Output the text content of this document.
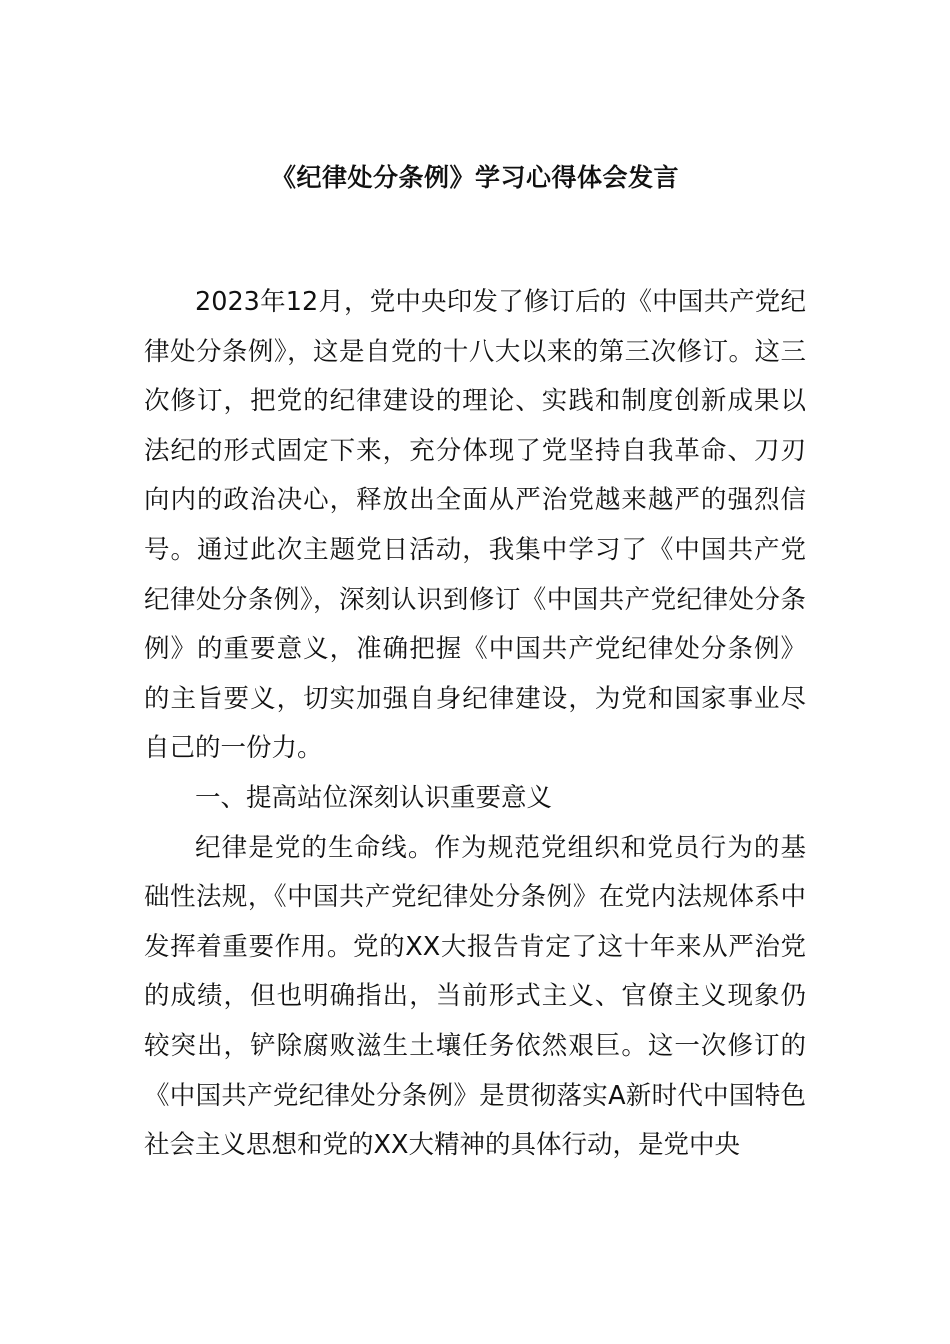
《纪律处分条例》学习心得体会发言

2023年12月，党中央印发了修订后的《中国共产党纪律处分条例》，这是自党的十八大以来的第三次修订。这三次修订，把党的纪律建设的理论、实践和制度创新成果以法纪的形式固定下来，充分体现了党坚持自我革命、刀刃向内的政治决心，释放出全面从严治党越来越严的强烈信号。通过此次主题党日活动，我集中学习了《中国共产党纪律处分条例》，深刻认识到修订《中国共产党纪律处分条例》的重要意义，准确把握《中国共产党纪律处分条例》的主旨要义，切实加强自身纪律建设，为党和国家事业尽自己的一份力。

一、提高站位深刻认识重要意义

纪律是党的生命线。作为规范党组织和党员行为的基础性法规，《中国共产党纪律处分条例》在党内法规体系中发挥着重要作用。党的XX大报告肯定了这十年来从严治党的成绩，但也明确指出，当前形式主义、官僚主义现象仍较突出，铲除腐败滋生土壤任务依然艰巨。这一次修订的《中国共产党纪律处分条例》是贯彻落实A新时代中国特色社会主义思想和党的XX大精神的具体行动，是党中央
